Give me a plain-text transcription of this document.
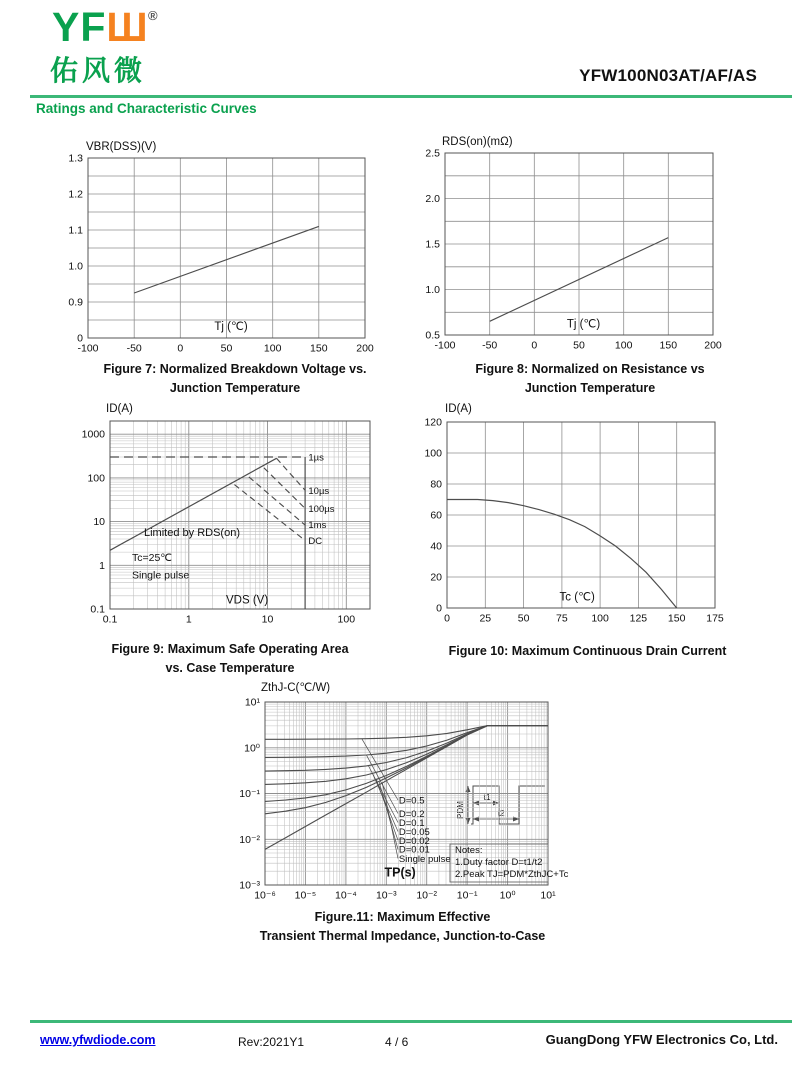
YFШ ®
佑风微	YFW100N03AT/AF/AS
Ratings and Characteristic Curves
-100	-50	0	50	100	150	200
1.3
1.2
1.1
1.0
0.9
0
VBR(DSS)(V)
Tj (℃)
-100	-50	0	50	100	150	200
2.5
2.0
1.5
1.0
0.5
RDS(on)(mΩ)
Tj (℃)
0.1	1	10	100
0.1
1
10
100
1000
ID(A)
VDS (V)
1µs
10µs
100µs
1ms
DC
Limited by RDS(on)
Tc=25℃
Single pulse
0	25	50	75 100 125 150 175
0
20
40
60
80
100
120
ID(A)
Tc (℃)
PDM
t1
t2
10⁻⁶ 10⁻⁵ 10⁻⁴ 10⁻³ 10⁻² 10⁻¹ 10⁰ 10¹
10¹
10⁰
10⁻¹
10⁻²
10⁻³
ZthJ-C(℃/W)
D=0.5
D=0.2
D=0.1
D=0.05
D=0.02
D=0.01
Single pulse
TP(s)
Notes:
1.Duty factor D=t1/t2
2.Peak TJ=PDM*ZthJC+Tc
Figure 7: Normalized Breakdown Voltage vs.
Junction Temperature
Figure 8: Normalized on Resistance vs
Junction Temperature
Figure 9: Maximum Safe Operating Area
vs. Case Temperature
Figure 10: Maximum Continuous Drain Current
Figure.11: Maximum Effective
Transient Thermal Impedance, Junction-to-Case
www.yfwdiode.com	Rev:2021Y1	4 / 6	GuangDong YFW Electronics Co, Ltd.
